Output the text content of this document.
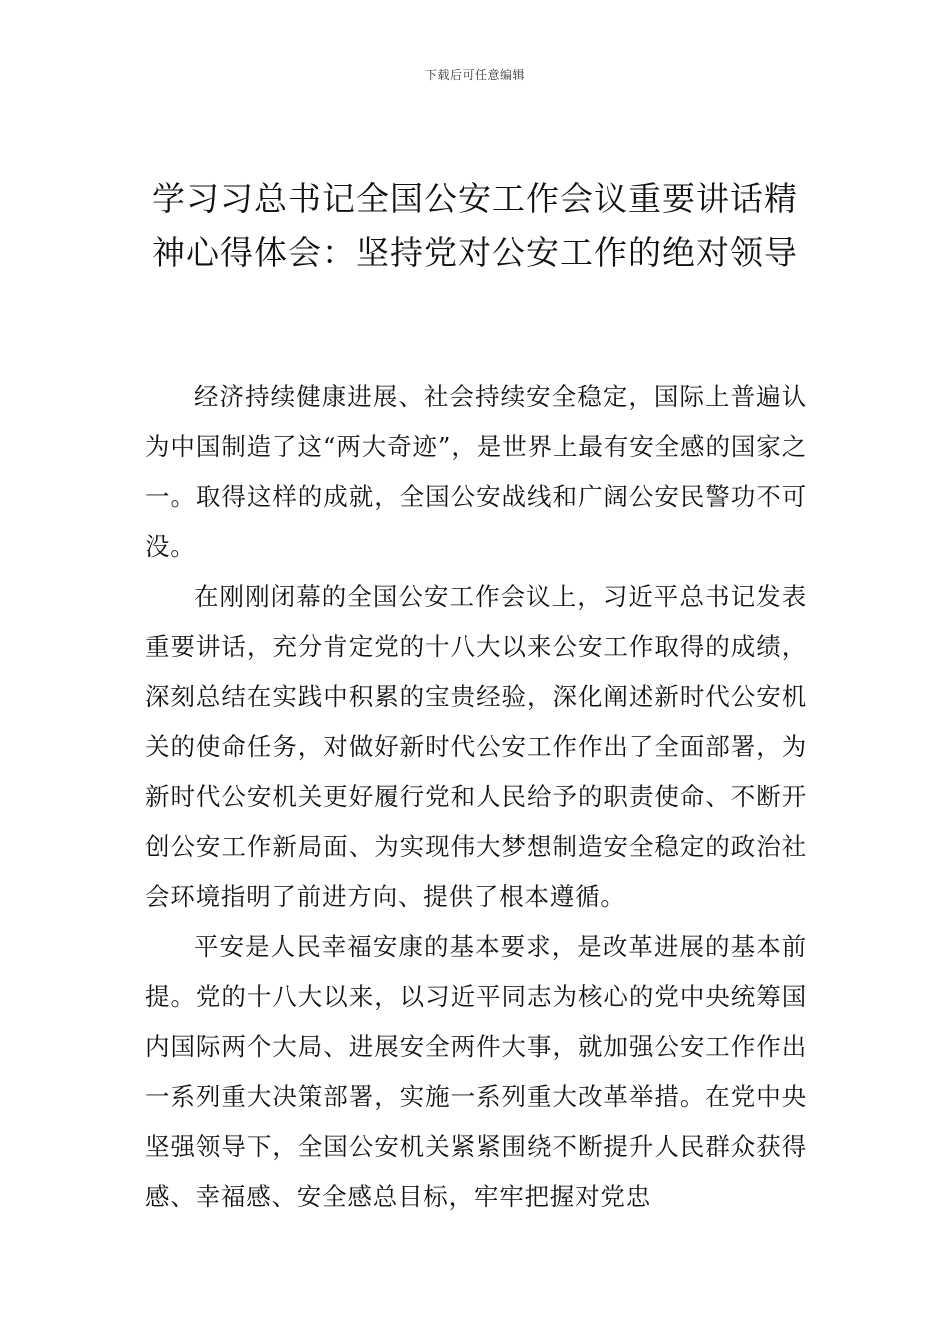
下载后可任意编辑
学习习总书记全国公安工作会议重要讲话精神心得体会：坚持党对公安工作的绝对领导

经济持续健康进展、社会持续安全稳定，国际上普遍认为中国制造了这“两大奇迹”，是世界上最有安全感的国家之一。取得这样的成就，全国公安战线和广阔公安民警功不可没。

在刚刚闭幕的全国公安工作会议上，习近平总书记发表重要讲话，充分肯定党的十八大以来公安工作取得的成绩，深刻总结在实践中积累的宝贵经验，深化阐述新时代公安机关的使命任务，对做好新时代公安工作作出了全面部署，为新时代公安机关更好履行党和人民给予的职责使命、不断开创公安工作新局面、为实现伟大梦想制造安全稳定的政治社会环境指明了前进方向、提供了根本遵循。

平安是人民幸福安康的基本要求，是改革进展的基本前提。党的十八大以来，以习近平同志为核心的党中央统筹国内国际两个大局、进展安全两件大事，就加强公安工作作出一系列重大决策部署，实施一系列重大改革举措。在党中央坚强领导下，全国公安机关紧紧围绕不断提升人民群众获得感、幸福感、安全感总目标，牢牢把握对党忠
